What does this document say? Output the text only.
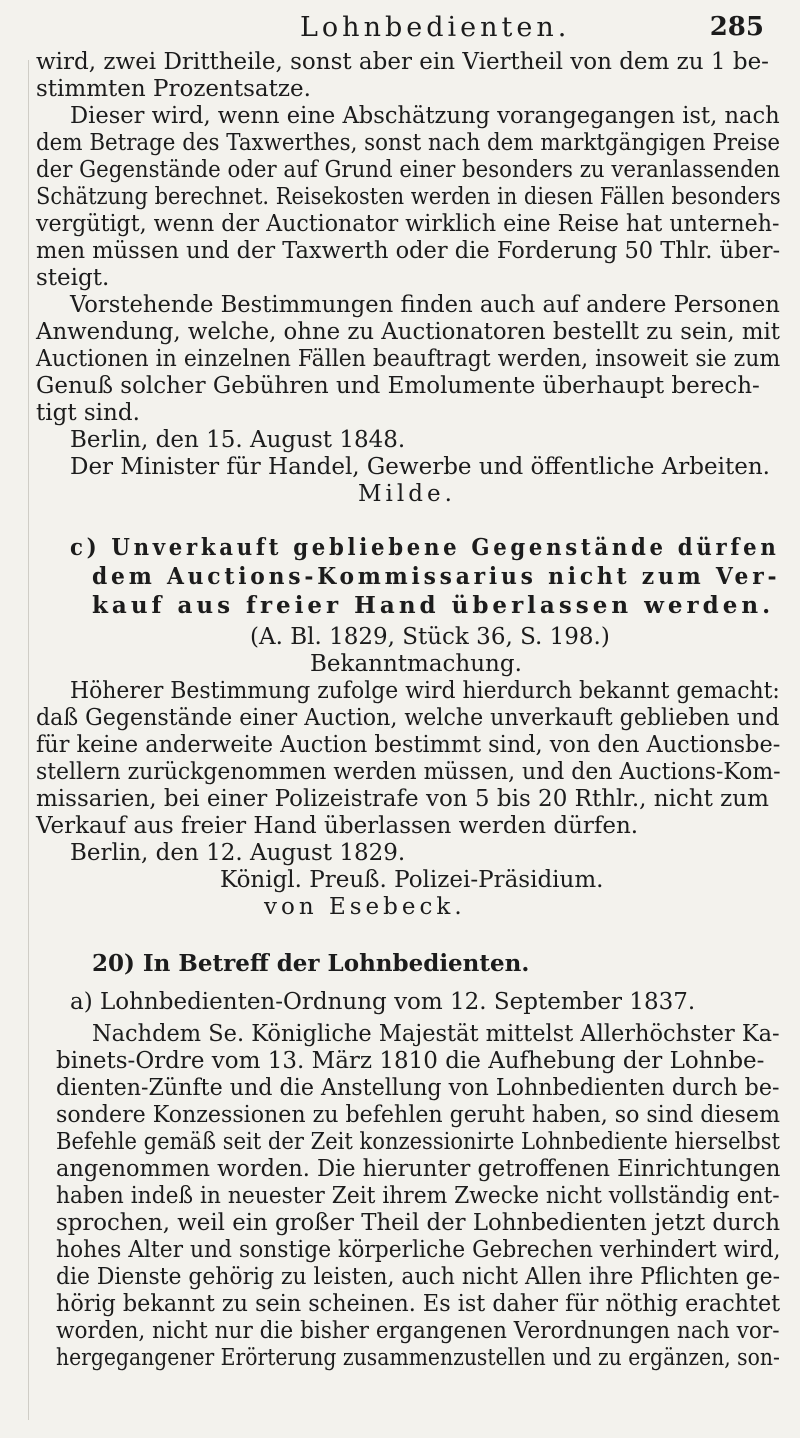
Lohnbedienten.	285
wird, zwei Drittheile, sonst aber ein Viertheil von dem zu 1 be-
stimmten Prozentsatze.
Dieser wird, wenn eine Abschätzung vorangegangen ist, nach
dem Betrage des Taxwerthes, sonst nach dem marktgängigen Preise
der Gegenstände oder auf Grund einer besonders zu veranlassenden
Schätzung berechnet. Reisekosten werden in diesen Fällen besonders
vergütigt, wenn der Auctionator wirklich eine Reise hat unterneh-
men müssen und der Taxwerth oder die Forderung 50 Thlr. über-
steigt.
Vorstehende Bestimmungen finden auch auf andere Personen
Anwendung, welche, ohne zu Auctionatoren bestellt zu sein, mit
Auctionen in einzelnen Fällen beauftragt werden, insoweit sie zum
Genuß solcher Gebühren und Emolumente überhaupt berech-
tigt sind.
Berlin, den 15. August 1848.
Der Minister für Handel, Gewerbe und öffentliche Arbeiten.
Milde.
c) Unverkauft gebliebene Gegenstände dürfen
dem Auctions-Kommissarius nicht zum Ver-
kauf aus freier Hand überlassen werden.
(A. Bl. 1829, Stück 36, S. 198.)
Bekanntmachung.
Höherer Bestimmung zufolge wird hierdurch bekannt gemacht:
daß Gegenstände einer Auction, welche unverkauft geblieben und
für keine anderweite Auction bestimmt sind, von den Auctionsbe-
stellern zurückgenommen werden müssen, und den Auctions-Kom-
missarien, bei einer Polizeistrafe von 5 bis 20 Rthlr., nicht zum
Verkauf aus freier Hand überlassen werden dürfen.
Berlin, den 12. August 1829.
Königl. Preuß. Polizei-Präsidium.
von Esebeck.
20) In Betreff der Lohnbedienten.
a) Lohnbedienten-Ordnung vom 12. September 1837.
Nachdem Se. Königliche Majestät mittelst Allerhöchster Ka-
binets-Ordre vom 13. März 1810 die Aufhebung der Lohnbe-
dienten-Zünfte und die Anstellung von Lohnbedienten durch be-
sondere Konzessionen zu befehlen geruht haben, so sind diesem
Befehle gemäß seit der Zeit konzessionirte Lohnbediente hierselbst
angenommen worden. Die hierunter getroffenen Einrichtungen
haben indeß in neuester Zeit ihrem Zwecke nicht vollständig ent-
sprochen, weil ein großer Theil der Lohnbedienten jetzt durch
hohes Alter und sonstige körperliche Gebrechen verhindert wird,
die Dienste gehörig zu leisten, auch nicht Allen ihre Pflichten ge-
hörig bekannt zu sein scheinen. Es ist daher für nöthig erachtet
worden, nicht nur die bisher ergangenen Verordnungen nach vor-
hergegangener Erörterung zusammenzustellen und zu ergänzen, son-
